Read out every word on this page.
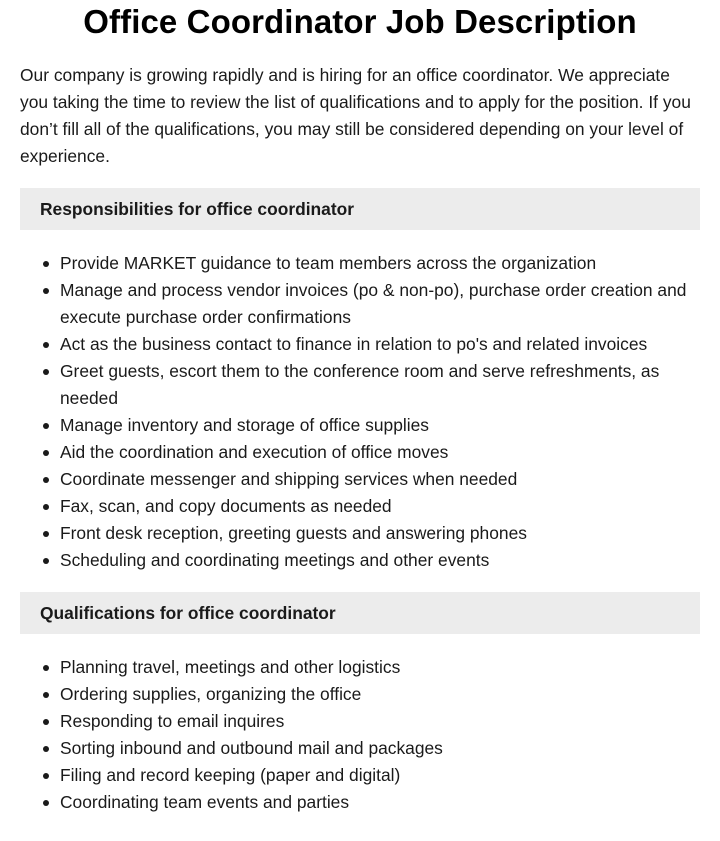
Office Coordinator Job Description

Our company is growing rapidly and is hiring for an office coordinator. We appreciate you taking the time to review the list of qualifications and to apply for the position. If you don’t fill all of the qualifications, you may still be considered depending on your level of experience.

Responsibilities for office coordinator
Provide MARKET guidance to team members across the organization
Manage and process vendor invoices (po & non-po), purchase order creation and execute purchase order confirmations
Act as the business contact to finance in relation to po's and related invoices
Greet guests, escort them to the conference room and serve refreshments, as needed
Manage inventory and storage of office supplies
Aid the coordination and execution of office moves
Coordinate messenger and shipping services when needed
Fax, scan, and copy documents as needed
Front desk reception, greeting guests and answering phones
Scheduling and coordinating meetings and other events
Qualifications for office coordinator
Planning travel, meetings and other logistics
Ordering supplies, organizing the office
Responding to email inquires
Sorting inbound and outbound mail and packages
Filing and record keeping (paper and digital)
Coordinating team events and parties
